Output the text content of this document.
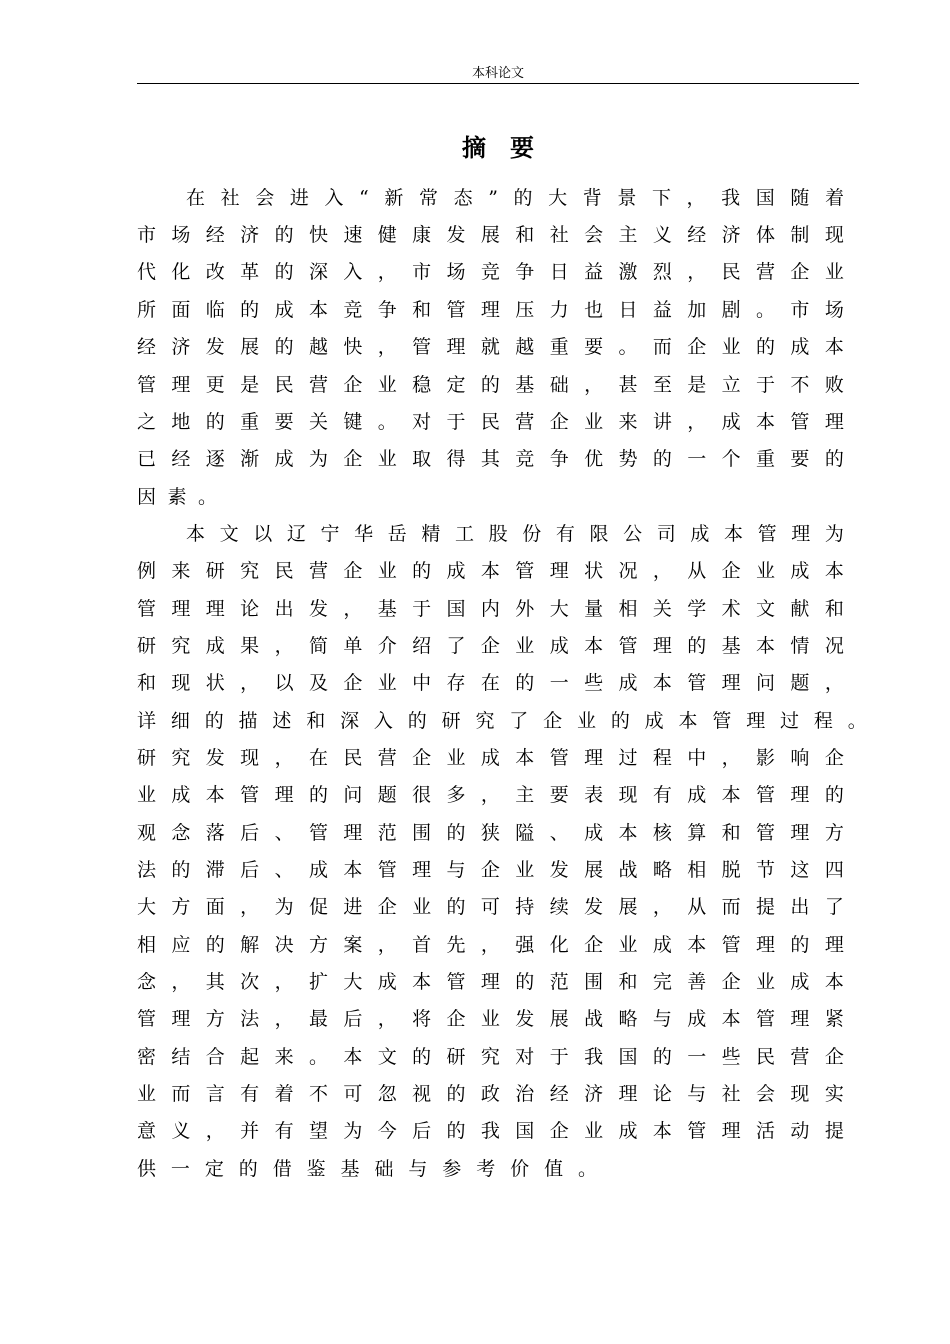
本科论文
摘要
在 社 会 进 入 “ 新 常 态 ” 的 大 背 景 下 ， 我 国 随 着
市 场 经 济 的 快 速 健 康 发 展 和 社 会 主 义 经 济 体 制 现
代 化 改 革 的 深 入 ， 市 场 竞 争 日 益 激 烈 ， 民 营 企 业
所 面 临 的 成 本 竞 争 和 管 理 压 力 也 日 益 加 剧 。 市 场
经 济 发 展 的 越 快 ， 管 理 就 越 重 要 。 而 企 业 的 成 本
管 理 更 是 民 营 企 业 稳 定 的 基 础 ， 甚 至 是 立 于 不 败
之 地 的 重 要 关 键 。 对 于 民 营 企 业 来 讲 ， 成 本 管 理
已 经 逐 渐 成 为 企 业 取 得 其 竞 争 优 势 的 一 个 重 要 的
因 素 。
本 文 以 辽 宁 华 岳 精 工 股 份 有 限 公 司 成 本 管 理 为
例 来 研 究 民 营 企 业 的 成 本 管 理 状 况 ， 从 企 业 成 本
管 理 理 论 出 发 ， 基 于 国 内 外 大 量 相 关 学 术 文 献 和
研 究 成 果 ， 简 单 介 绍 了 企 业 成 本 管 理 的 基 本 情 况
和 现 状 ， 以 及 企 业 中 存 在 的 一 些 成 本 管 理 问 题 ，
详 细 的 描 述 和 深 入 的 研 究 了 企 业 的 成 本 管 理 过 程 。
研 究 发 现 ， 在 民 营 企 业 成 本 管 理 过 程 中 ， 影 响 企
业 成 本 管 理 的 问 题 很 多 ， 主 要 表 现 有 成 本 管 理 的
观 念 落 后 、 管 理 范 围 的 狭 隘 、 成 本 核 算 和 管 理 方
法 的 滞 后 、 成 本 管 理 与 企 业 发 展 战 略 相 脱 节 这 四
大 方 面 ， 为 促 进 企 业 的 可 持 续 发 展 ， 从 而 提 出 了
相 应 的 解 决 方 案 ， 首 先 ， 强 化 企 业 成 本 管 理 的 理
念 ， 其 次 ， 扩 大 成 本 管 理 的 范 围 和 完 善 企 业 成 本
管 理 方 法 ， 最 后 ， 将 企 业 发 展 战 略 与 成 本 管 理 紧
密 结 合 起 来 。 本 文 的 研 究 对 于 我 国 的 一 些 民 营 企
业 而 言 有 着 不 可 忽 视 的 政 治 经 济 理 论 与 社 会 现 实
意 义 ， 并 有 望 为 今 后 的 我 国 企 业 成 本 管 理 活 动 提
供 一 定 的 借 鉴 基 础 与 参 考 价 值 。
